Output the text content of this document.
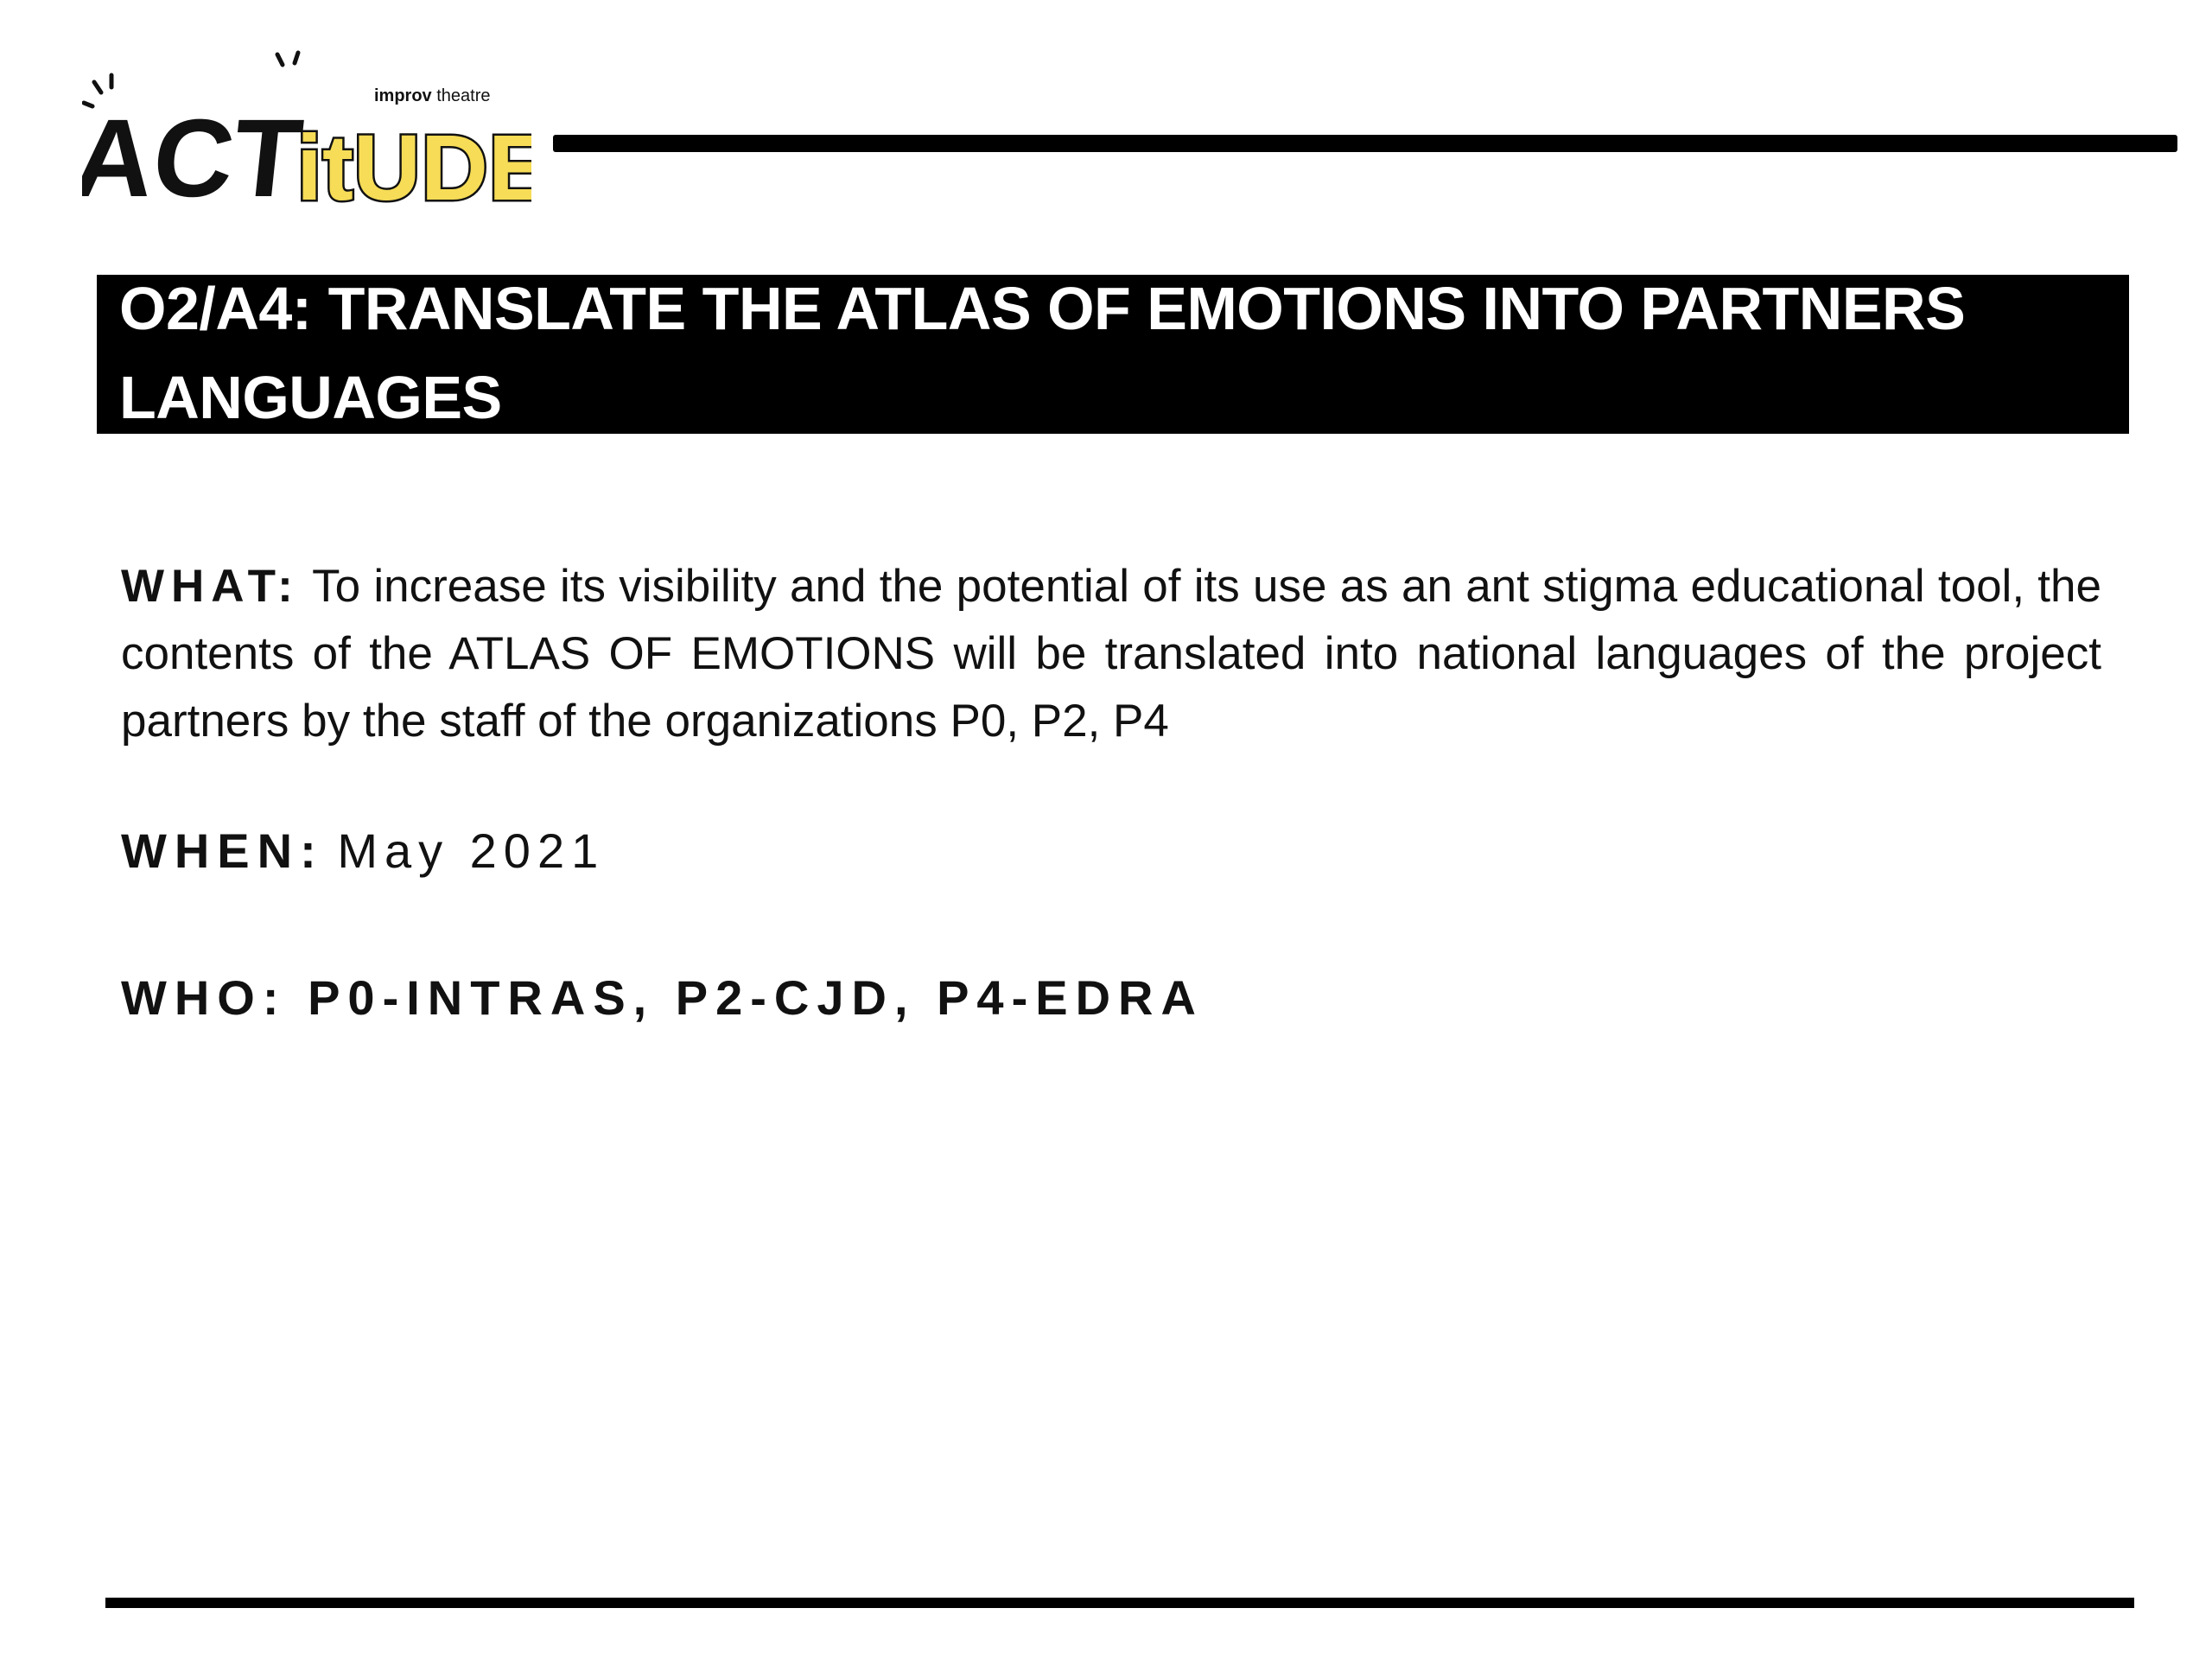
ACT
itUDE
improv theatre
O2/A4: TRANSLATE THE ATLAS OF EMOTIONS INTO PARTNERS LANGUAGES
WHAT: To increase its visibility and the potential of its use as an ant stigma educational tool, the contents of the ATLAS OF EMOTIONS will be translated into national languages of the project partners by the staff of the organizations P0, P2, P4
WHEN: May 2021
WHO: P0-INTRAS, P2-CJD, P4-EDRA
